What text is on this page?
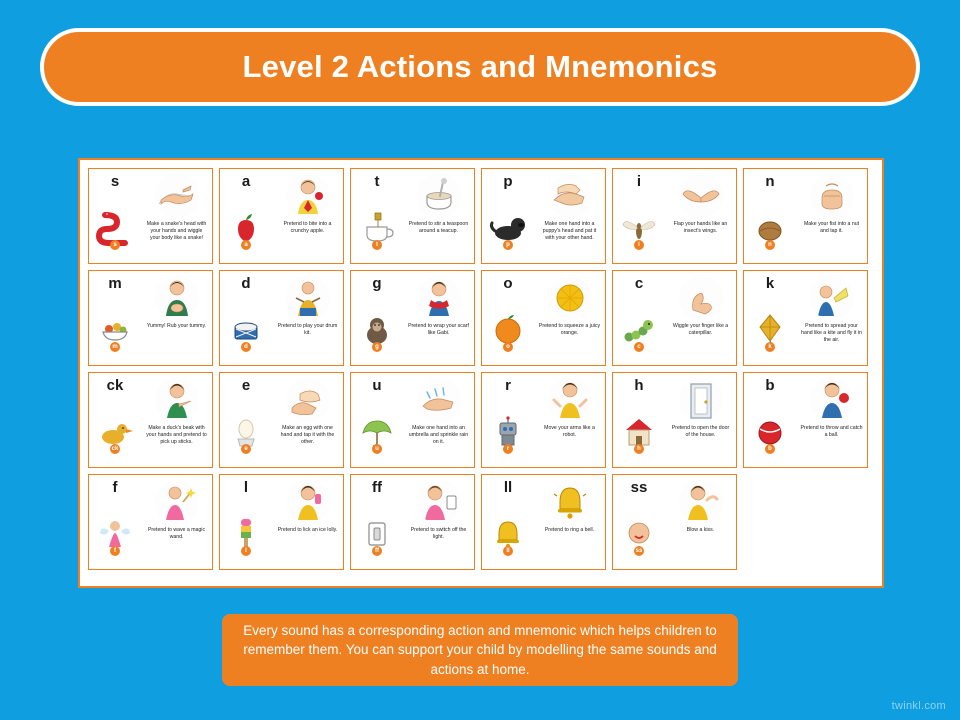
Level 2 Actions and Mnemonics
s
s
Make a snake's head with your hands and wiggle your body like a snake!
a
a
Pretend to bite into a crunchy apple.
t
t
Pretend to stir a teaspoon around a teacup.
p
p
Make one hand into a puppy's head and pat it with your other hand.
i
i
Flap your hands like an insect's wings.
n
n
Make your fist into a nut and tap it.
m
m
Yummy! Rub your tummy.
d
d
Pretend to play your drum kit.
g
g
Pretend to wrap your scarf like Gabi.
o
o
Pretend to squeeze a juicy orange.
c
c
Wiggle your finger like a caterpillar.
k
k
Pretend to spread your hand like a kite and fly it in the air.
ck
ck
Make a duck's beak with your hands and pretend to pick up sticks.
e
e
Make an egg with one hand and tap it with the other.
u
u
Make one hand into an umbrella and sprinkle rain on it.
r
r
Move your arms like a robot.
h
h
Pretend to open the door of the house.
b
b
Pretend to throw and catch a ball.
f
f
Pretend to wave a magic wand.
l
l
Pretend to lick an ice lolly.
ff
ff
Pretend to switch off the light.
ll
ll
Pretend to ring a bell.
ss
ss
Blow a kiss.
Every sound has a corresponding action and mnemonic which helps children to remember them. You can support your child by modelling the same sounds and actions at home.
twinkl.com
